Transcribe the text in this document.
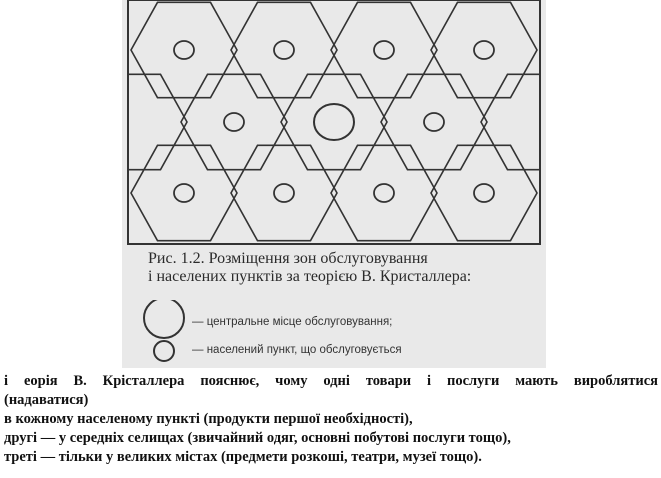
Рис. 1.2. Розміщення зон обслуговування
і населених пунктів за теорією В. Кристаллера:
— центральне місце обслуговування;
— населений пункт, що обслуговується
і еорія В. Крісталлера пояснює, чому одні товари і послуги мають вироблятися
(надаватися)
в кожному населеному пункті (продукти першої необхідності),
другі — у середніх селищах (звичайний одяг, основні побутові послуги тощо),
треті — тільки у великих містах (предмети розкоші, театри, музеї тощо).
